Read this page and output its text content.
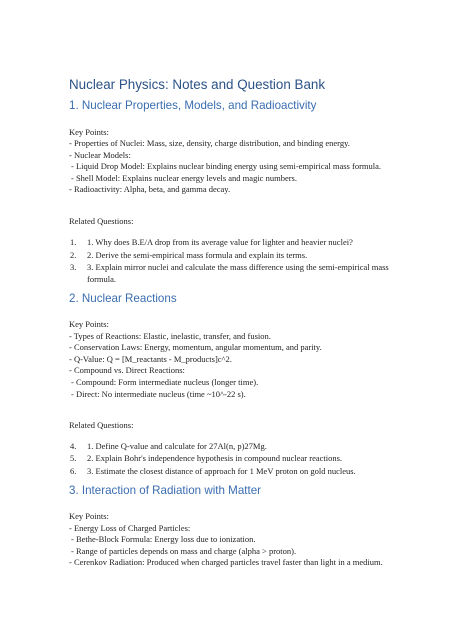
Nuclear Physics: Notes and Question Bank
1. Nuclear Properties, Models, and Radioactivity

Key Points:

- Properties of Nuclei: Mass, size, density, charge distribution, and binding energy.

- Nuclear Models:

- Liquid Drop Model: Explains nuclear binding energy using semi-empirical mass formula.

- Shell Model: Explains nuclear energy levels and magic numbers.

- Radioactivity: Alpha, beta, and gamma decay.

Related Questions:

1. 1. Why does B.E/A drop from its average value for lighter and heavier nuclei?

2. 2. Derive the semi-empirical mass formula and explain its terms.

3. 3. Explain mirror nuclei and calculate the mass difference using the semi-empirical mass

formula.

2. Nuclear Reactions

Key Points:

- Types of Reactions: Elastic, inelastic, transfer, and fusion.

- Conservation Laws: Energy, momentum, angular momentum, and parity.

- Q-Value: Q = [M_reactants - M_products]c^2.

- Compound vs. Direct Reactions:

- Compound: Form intermediate nucleus (longer time).

- Direct: No intermediate nucleus (time ~10^-22 s).

Related Questions:

4. 1. Define Q-value and calculate for 27Al(n, p)27Mg.

5. 2. Explain Bohr's independence hypothesis in compound nuclear reactions.

6. 3. Estimate the closest distance of approach for 1 MeV proton on gold nucleus.

3. Interaction of Radiation with Matter

Key Points:

- Energy Loss of Charged Particles:

- Bethe-Block Formula: Energy loss due to ionization.

- Range of particles depends on mass and charge (alpha > proton).

- Cerenkov Radiation: Produced when charged particles travel faster than light in a medium.
